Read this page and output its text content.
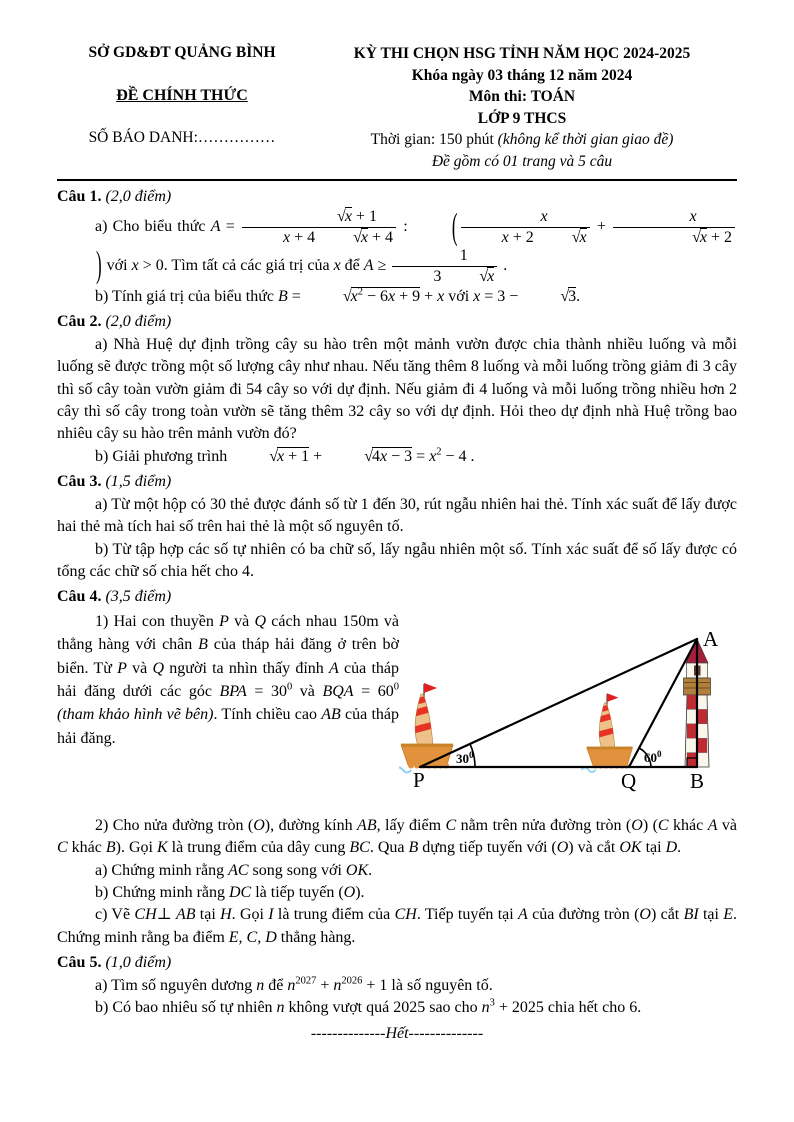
SỞ GD&ĐT QUẢNG BÌNH
ĐỀ CHÍNH THỨC
SỐ BÁO DANH:……………
KỲ THI CHỌN HSG TỈNH NĂM HỌC 2024-2025
Khóa ngày 03 tháng 12 năm 2024
Môn thi: TOÁN
LỚP 9 THCS
Thời gian: 150 phút (không kể thời gian giao đề)
Đề gồm có 01 trang và 5 câu

Câu 1. (2,0 điểm)

a) Cho biểu thức $A = \frac{√x + 1}{x + 4 √x + 4}$ : ( $\frac{x}{x + 2 √x} + \frac{x}{√x + 2}$
) với x > 0. Tìm tất cả các giá trị của x để $A \ge \frac{1}{3 √x}$ .

b) Tính giá trị của biểu thức $B = √x^2 - 6x + 9 + x$ với x = 3 − √3.

Câu 2. (2,0 điểm)

a) Nhà Huệ dự định trồng cây su hào trên một mảnh vườn được chia thành nhiều luống và mỗi luống sẽ được trồng một số lượng cây như nhau. Nếu tăng thêm 8 luống và mỗi luống trồng giảm đi 3 cây thì số cây toàn vườn giảm đi 54 cây so với dự định. Nếu giảm đi 4 luống và mỗi luống trồng nhiều hơn 2 cây thì số cây trong toàn vườn sẽ tăng thêm 32 cây so với dự định. Hỏi theo dự định nhà Huệ trồng bao nhiêu cây su hào trên mảnh vườn đó?

b) Giải phương trình $√x + 1 + √4x - 3 = x^2 - 4$ .

Câu 3. (1,5 điểm)

a) Từ một hộp có 30 thẻ được đánh số từ 1 đến 30, rút ngẫu nhiên hai thẻ. Tính xác suất để lấy được hai thẻ mà tích hai số trên hai thẻ là một số nguyên tố.

b) Từ tập hợp các số tự nhiên có ba chữ số, lấy ngẫu nhiên một số. Tính xác suất để số lấy được có tổng các chữ số chia hết cho 4.

Câu 4. (3,5 điểm)

1) Hai con thuyền P và Q cách nhau 150m và thẳng hàng với chân B của tháp hải đăng ở trên bờ biển. Từ P và Q người ta nhìn thấy đỉnh A của tháp hải đăng dưới các góc BPA = $30^0$ và BQA = $60^0$ (tham khảo hình vẽ bên). Tính chiều cao AB của tháp hải đăng.

A
P	Q	B
$30^0$	$60^0$

2) Cho nửa đường tròn (O), đường kính AB, lấy điểm C nằm trên nửa đường tròn (O) (C khác A và C khác B). Gọi K là trung điểm của dây cung BC. Qua B dựng tiếp tuyến với (O) và cắt OK tại D.

a) Chứng minh rằng AC song song với OK.

b) Chứng minh rằng DC là tiếp tuyến (O).

c) Vẽ CH⊥ AB tại H. Gọi I là trung điểm của CH. Tiếp tuyến tại A của đường tròn (O) cắt BI tại E. Chứng minh rằng ba điểm E, C, D thẳng hàng.

Câu 5. (1,0 điểm)

a) Tìm số nguyên dương n để $n^{2027} + n^{2026} + 1$ là số nguyên tố.

b) Có bao nhiêu số tự nhiên n không vượt quá 2025 sao cho $n^3 + 2025$ chia hết cho 6.

--------------Hết--------------
